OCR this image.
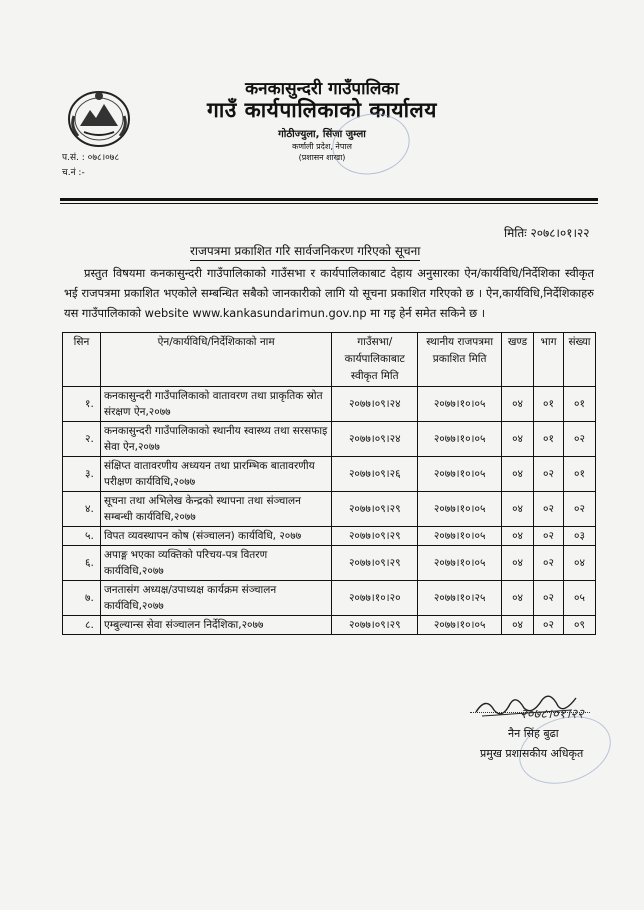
कनकासुन्दरी गाउँपालिका
गाउँ कार्यपालिकाको कार्यालय
गोठीज्युला, सिंजा जुम्ला
कर्णाली प्रदेश, नेपाल
(प्रशासन शाखा)
प.सं. : ०७८।०७८
च.नं :-
मितिः २०७८।०१।२२
राजपत्रमा प्रकाशित गरि सार्वजनिकरण गरिएको सूचना
प्रस्तुत विषयमा कनकासुन्दरी गाउँपालिकाको गाउँसभा र कार्यपालिकाबाट देहाय अनुसारका ऐन/कार्यविधि/निर्देशिका स्वीकृत भई राजपत्रमा प्रकाशित भएकोले सम्बन्धित सबैको जानकारीको लागि यो सूचना प्रकाशित गरिएको छ । ऐन,कार्यविधि,निर्देशिकाहरु यस गाउँपालिकाको website www.kankasundarimun.gov.np मा गइ हेर्न समेत सकिने छ ।
सिन	ऐन/कार्यविधि/निर्देशिकाको नाम	गाउँसभा/ कार्यपालिकाबाट स्वीकृत मिति	स्थानीय राजपत्रमा प्रकाशित मिति	खण्ड	भाग	संख्या
१.	कनकासुन्दरी गाउँपालिकाको वातावरण तथा प्राकृतिक स्रोत संरक्षण ऐन,२०७७	२०७७।०९।२४	२०७७।१०।०५	०४	०१	०१
२.	कनकासुन्दरी गाउँपालिकाको स्थानीय स्वास्थ्य तथा सरसफाइ सेवा ऐन,२०७७	२०७७।०९।२४	२०७७।१०।०५	०४	०१	०२
३.	संक्षिप्त वातावरणीय अध्ययन तथा प्रारम्भिक बातावरणीय परीक्षण कार्यविधि,२०७७	२०७७।०९।२६	२०७७।१०।०५	०४	०२	०१
४.	सूचना तथा अभिलेख केन्द्रको स्थापना तथा संञ्चालन सम्बन्धी कार्यविधि,२०७७	२०७७।०९।२९	२०७७।१०।०५	०४	०२	०२
५.	विपत व्यवस्थापन कोष (संञ्चालन) कार्यविधि, २०७७	२०७७।०९।२९	२०७७।१०।०५	०४	०२	०३
६.	अपाङ्ग भएका व्यक्तिको परिचय-पत्र वितरण कार्यविधि,२०७७	२०७७।०९।२९	२०७७।१०।०५	०४	०२	०४
७.	जनतासंग अध्यक्ष/उपाध्यक्ष कार्यक्रम संञ्चालन कार्यविधि,२०७७	२०७७।१०।२०	२०७७।१०।२५	०४	०२	०५
८.	एम्बुल्यान्स सेवा संञ्चालन निर्देशिका,२०७७	२०७७।०९।२९	२०७७।१०।०५	०४	०२	०९
२०७८।०१।२२
नैन सिंह बुढा
प्रमुख प्रशासकीय अधिकृत
